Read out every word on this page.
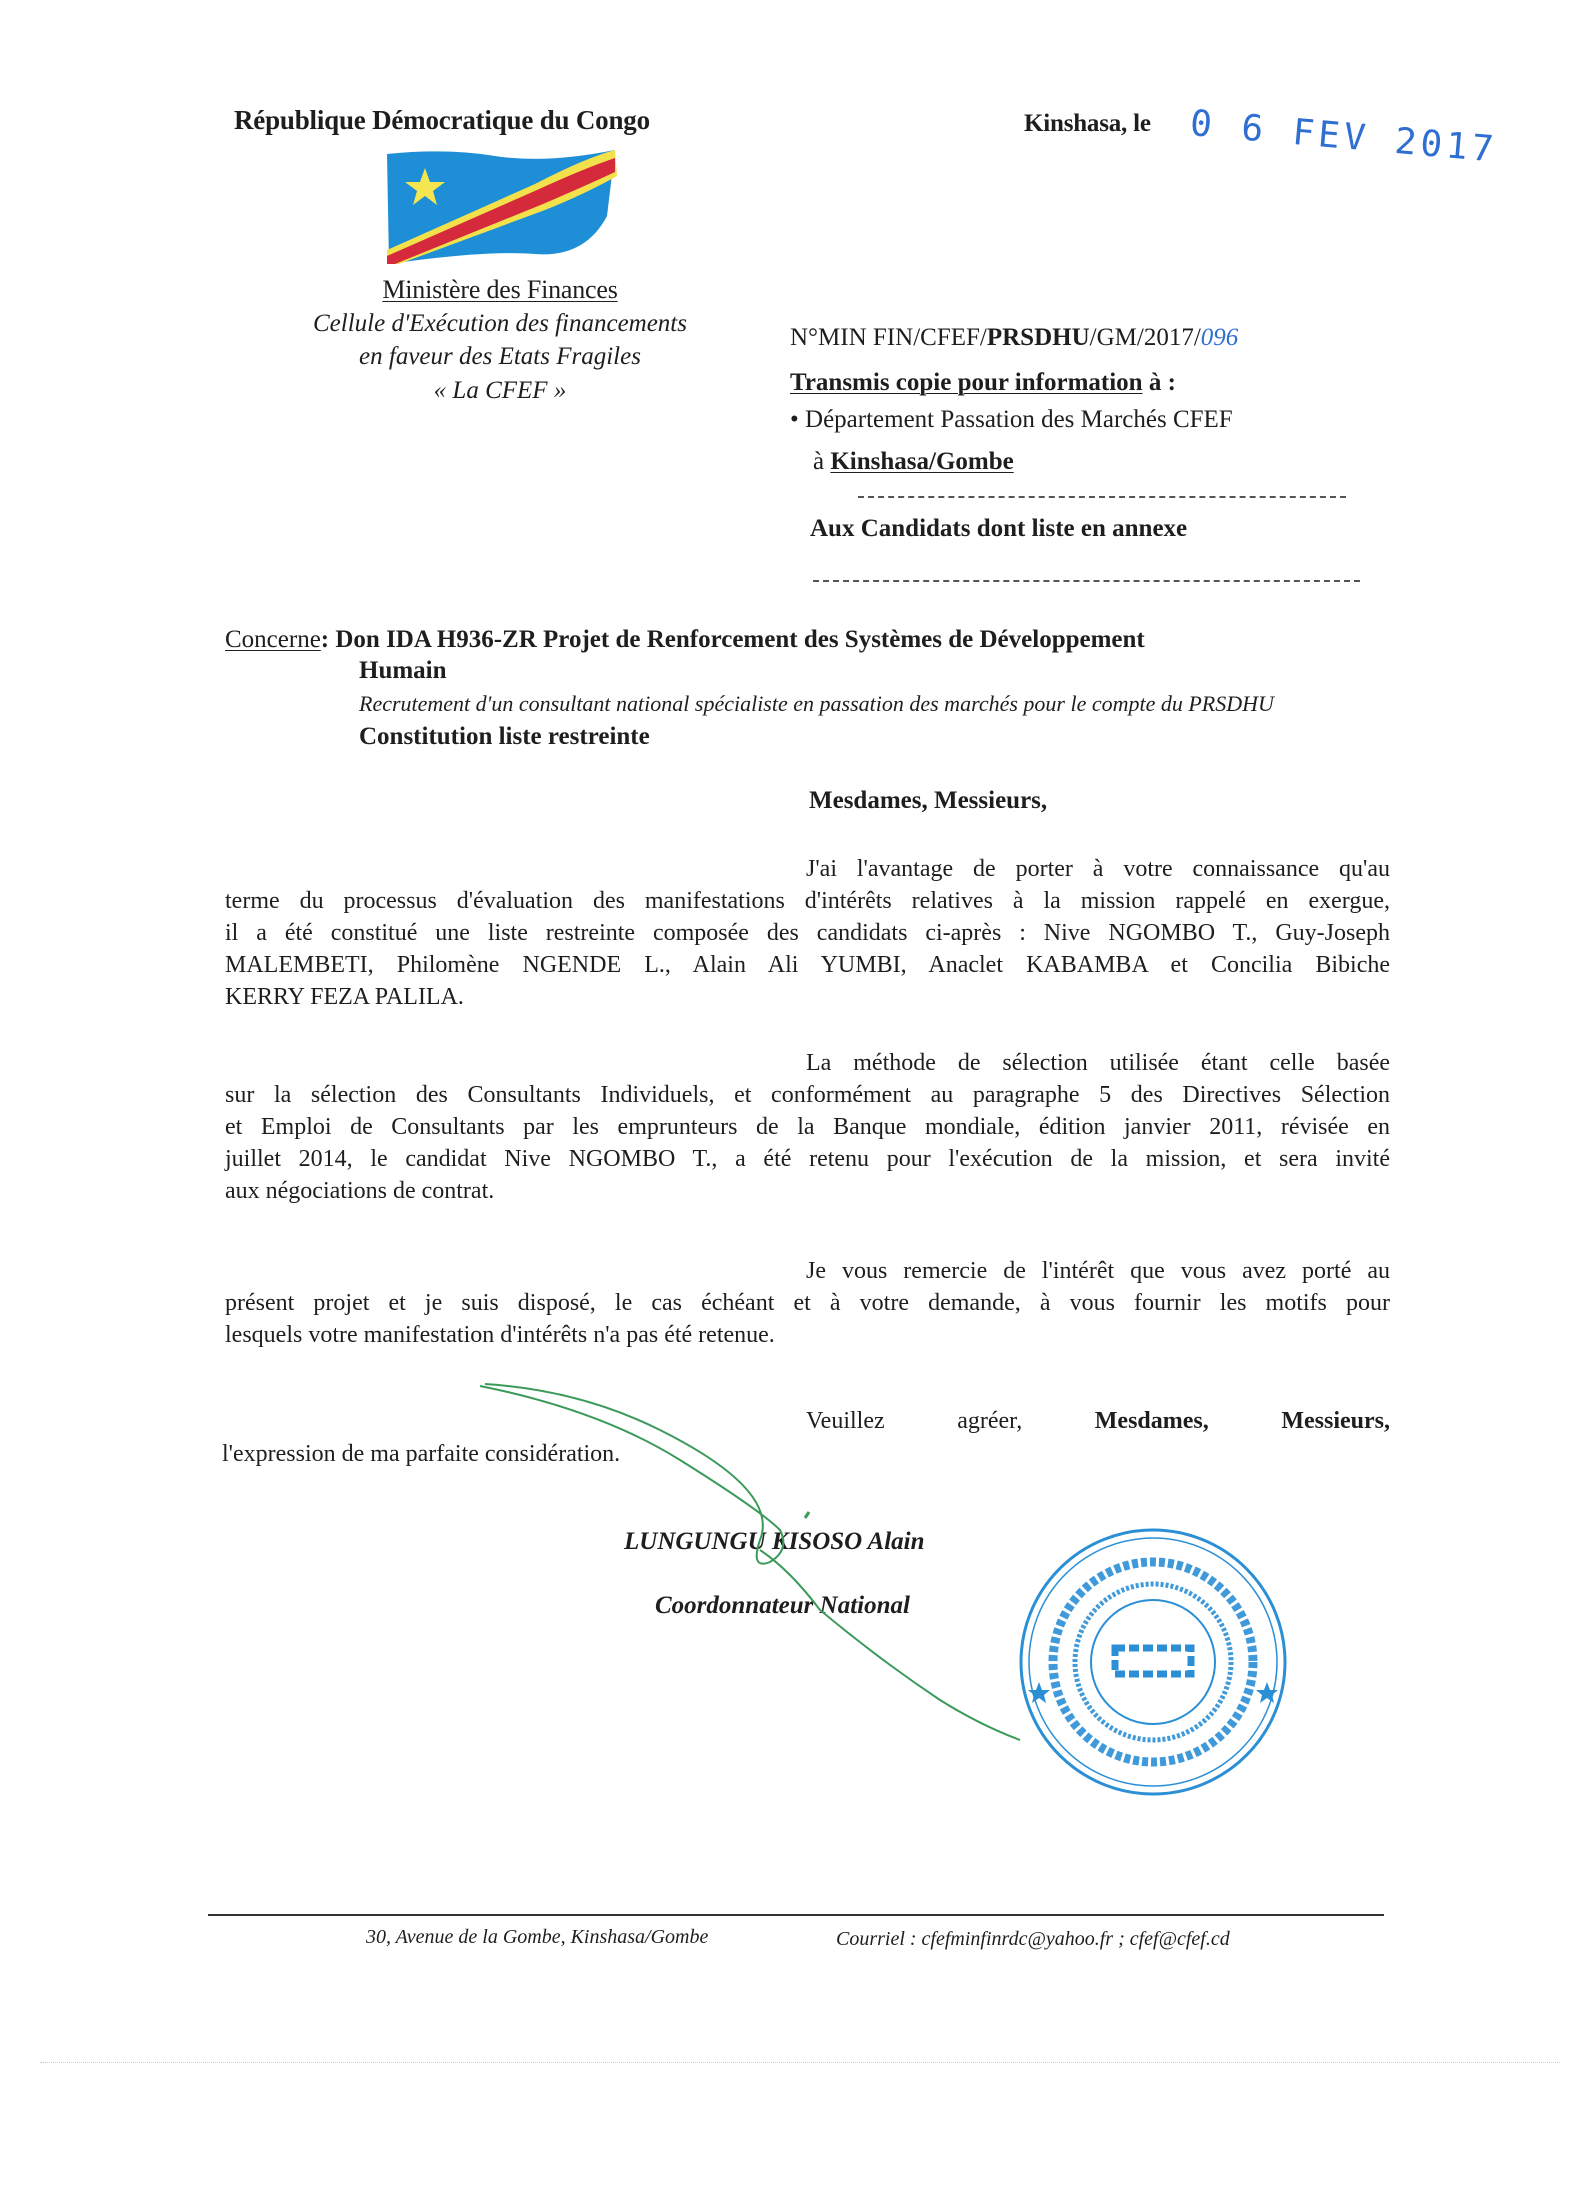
République Démocratique du Congo
Ministère des Finances
Cellule d'Exécution des financements
en faveur des Etats Fragiles
« La CFEF »
Kinshasa, le 0 6 FEV 2017
N°MIN FIN/CFEF/PRSDHU/GM/2017/096
Transmis copie pour information à :
• Département Passation des Marchés CFEF
à Kinshasa/Gombe
Aux Candidats dont liste en annexe
Concerne: Don IDA H936-ZR Projet de Renforcement des Systèmes de Développement
Humain
Recrutement d'un consultant national spécialiste en passation des marchés pour le compte du PRSDHU
Constitution liste restreinte
Mesdames, Messieurs,
J'ai l'avantage de porter à votre connaissance qu'au
terme du processus d'évaluation des manifestations d'intérêts relatives à la mission rappelé en exergue,
il a été constitué une liste restreinte composée des candidats ci-après : Nive NGOMBO T., Guy-Joseph
MALEMBETI, Philomène NGENDE L., Alain Ali YUMBI, Anaclet KABAMBA et Concilia Bibiche
KERRY FEZA PALILA.
La méthode de sélection utilisée étant celle basée
sur la sélection des Consultants Individuels, et conformément au paragraphe 5 des Directives Sélection
et Emploi de Consultants par les emprunteurs de la Banque mondiale, édition janvier 2011, révisée en
juillet 2014, le candidat Nive NGOMBO T., a été retenu pour l'exécution de la mission, et sera invité
aux négociations de contrat.
Je vous remercie de l'intérêt que vous avez porté au
présent projet et je suis disposé, le cas échéant et à votre demande, à vous fournir les motifs pour
lesquels votre manifestation d'intérêts n'a pas été retenue.
Veuillez	agréer,	Mesdames,	Messieurs,
l'expression de ma parfaite considération.
LUNGUNGU KISOSO Alain
Coordonnateur National
30, Avenue de la Gombe, Kinshasa/Gombe	Courriel : cfefminfinrdc@yahoo.fr ; cfef@cfef.cd
